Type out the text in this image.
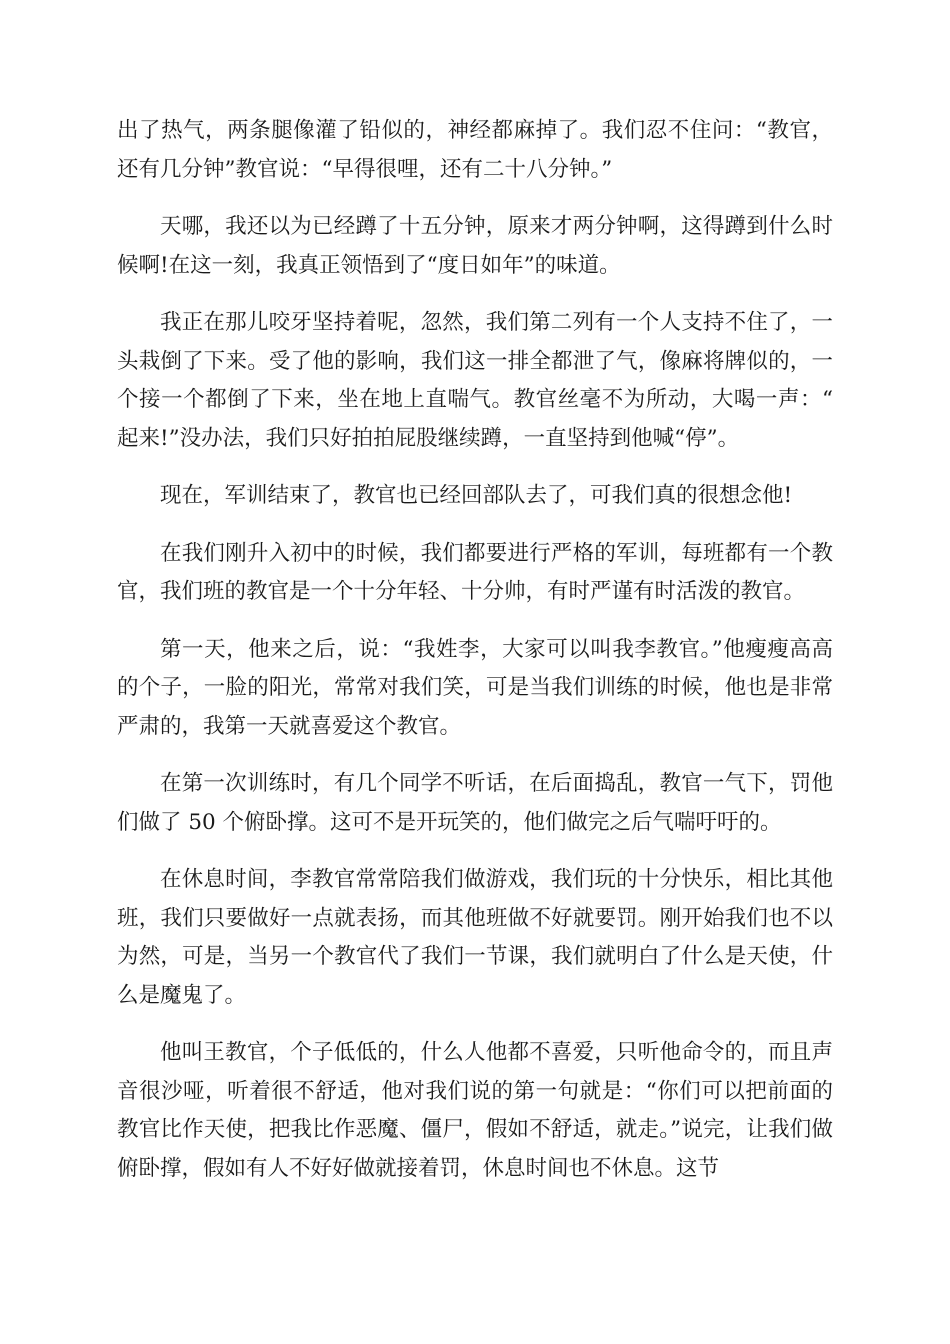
出了热气，两条腿像灌了铅似的，神经都麻掉了。我们忍不住问：“教官，还有几分钟”教官说：“早得很哩，还有二十八分钟。”

天哪，我还以为已经蹲了十五分钟，原来才两分钟啊，这得蹲到什么时候啊!在这一刻，我真正领悟到了“度日如年”的味道。

我正在那儿咬牙坚持着呢，忽然，我们第二列有一个人支持不住了，一头栽倒了下来。受了他的影响，我们这一排全都泄了气，像麻将牌似的，一个接一个都倒了下来，坐在地上直喘气。教官丝毫不为所动，大喝一声：“起来!”没办法，我们只好拍拍屁股继续蹲，一直坚持到他喊“停”。

现在，军训结束了，教官也已经回部队去了，可我们真的很想念他!

在我们刚升入初中的时候，我们都要进行严格的军训，每班都有一个教官，我们班的教官是一个十分年轻、十分帅，有时严谨有时活泼的教官。

第一天，他来之后，说：“我姓李，大家可以叫我李教官。”他瘦瘦高高的个子，一脸的阳光，常常对我们笑，可是当我们训练的时候，他也是非常严肃的，我第一天就喜爱这个教官。

在第一次训练时，有几个同学不听话，在后面捣乱，教官一气下，罚他们做了 50 个俯卧撑。这可不是开玩笑的，他们做完之后气喘吁吁的。

在休息时间，李教官常常陪我们做游戏，我们玩的十分快乐，相比其他班，我们只要做好一点就表扬，而其他班做不好就要罚。刚开始我们也不以为然，可是，当另一个教官代了我们一节课，我们就明白了什么是天使，什么是魔鬼了。

他叫王教官，个子低低的，什么人他都不喜爱，只听他命令的，而且声音很沙哑，听着很不舒适，他对我们说的第一句就是：“你们可以把前面的教官比作天使，把我比作恶魔、僵尸，假如不舒适，就走。”说完，让我们做俯卧撑，假如有人不好好做就接着罚，休息时间也不休息。这节
